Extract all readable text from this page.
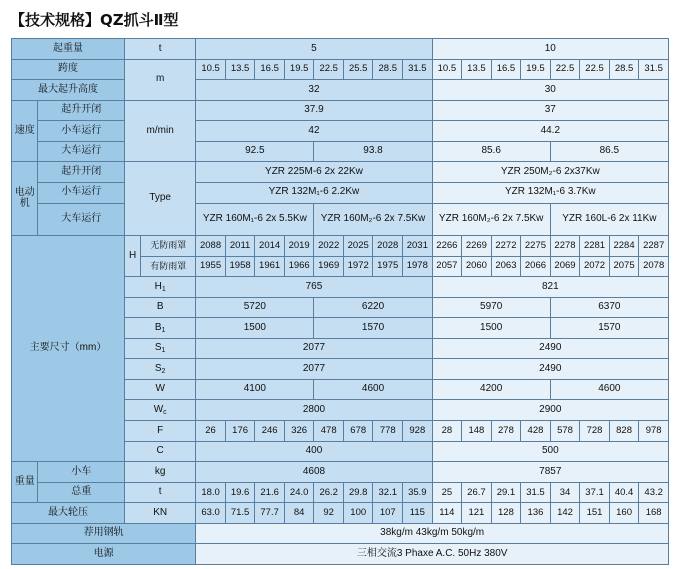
【技术规格】QZ抓斗Ⅱ型
起重量		t		5								10							
跨度		m		10.5	13.5	16.5	19.5	22.5	25.5	28.5	31.5	10.5	13.5	16.5	19.5	22.5	22.5	28.5	31.5
最大起升高度				32								30							
速度	起升开闭	m/min		37.9								37							
	小车运行			42								44.2							
	大车运行			92.5				93.8				85.6				86.5			
电动机	起升开闭	Type		YZR 225M-6 2x 22Kw								YZR 250M₂-6 2x37Kw							
	小车运行			YZR 132M₁-6 2.2Kw								YZR 132M₁-6 3.7Kw							
	大车运行			YZR 160M₁-6 2x 5.5Kw				YZR 160M₂-6 2x 7.5Kw				YZR 160M₂-6 2x 7.5Kw				YZR 160L-6 2x 11Kw			
主要尺寸（mm）		H	无防雨罩	2088	2011	2014	2019	2022	2025	2028	2031	2266	2269	2272	2275	2278	2281	2284	2287
			有防雨罩	1955	1958	1961	1966	1969	1972	1975	1978	2057	2060	2063	2066	2069	2072	2075	2078
		$H_1$		765								821							
		B		5720				6220				5970				6370			
		$B_1$		1500				1570				1500				1570			
		$S_1$		2077								2490							
		$S_2$		2077								2490							
		W		4100				4600				4200				4600			
		$W_c$		2800								2900							
		F		26	176	246	326	478	678	778	928	28	148	278	428	578	728	828	978
		C		400								500							
重量	小车	kg		4608								7857							
	总重	t		18.0	19.6	21.6	24.0	26.2	29.8	32.1	35.9	25	26.7	29.1	31.5	34	37.1	40.4	43.2
最大轮压		KN		63.0	71.5	77.7	84	92	100	107	115	114	121	128	136	142	151	160	168
荐用钢轨				38kg/m 43kg/m 50kg/m															
电源				三相交流3 Phaxe A.C. 50Hz 380V															
